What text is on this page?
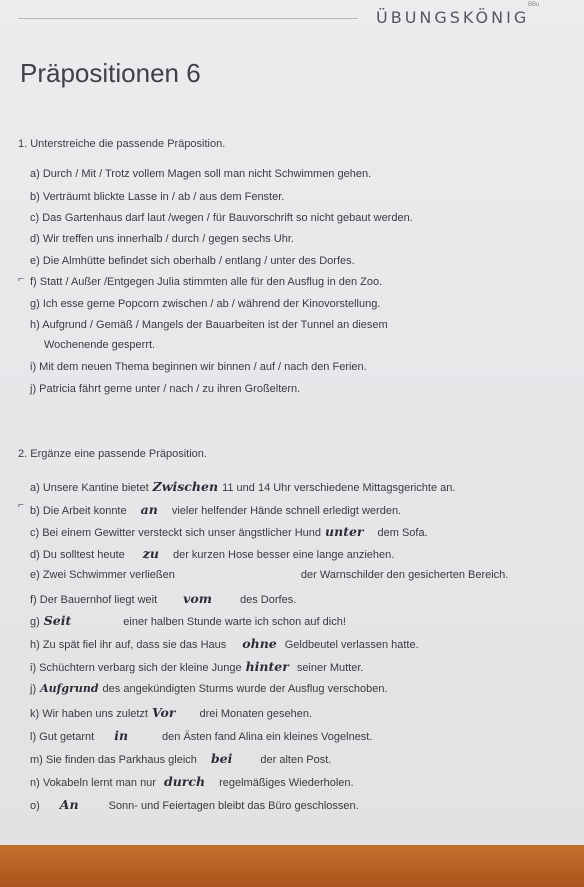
ÜBUNGSKÖNIG
BBu
Präpositionen 6
1. Unterstreiche die passende Präposition.
a) Durch / Mit / Trotz vollem Magen soll man nicht Schwimmen gehen.
b) Verträumt blickte Lasse in / ab / aus dem Fenster.
c) Das Gartenhaus darf laut /wegen / für Bauvorschrift so nicht gebaut werden.
d) Wir treffen uns innerhalb / durch / gegen sechs Uhr.
e) Die Almhütte befindet sich oberhalb / entlang / unter des Dorfes.
⌐ f) Statt / Außer /Entgegen Julia stimmten alle für den Ausflug in den Zoo.
g) Ich esse gerne Popcorn zwischen / ab / während der Kinovorstellung.
h) Aufgrund / Gemäß / Mangels der Bauarbeiten ist der Tunnel an diesem
Wochenende gesperrt.
i) Mit dem neuen Thema beginnen wir binnen / auf / nach den Ferien.
j) Patricia fährt gerne unter / nach / zu ihren Großeltern.
2. Ergänze eine passende Präposition.
a) Unsere Kantine bietet Zwischen 11 und 14 Uhr verschiedene Mittagsgerichte an.
⌐ b) Die Arbeit konnte an vieler helfender Hände schnell erledigt werden.
c) Bei einem Gewitter versteckt sich unser ängstlicher Hund unter dem Sofa.
d) Du solltest heute zu der kurzen Hose besser eine lange anziehen.
e) Zwei Schwimmer verließen	der Warnschilder den gesicherten Bereich.
f) Der Bauernhof liegt weit vom	des Dorfes.
g) Seit	einer halben Stunde warte ich schon auf dich!
h) Zu spät fiel ihr auf, dass sie das Haus ohne Geldbeutel verlassen hatte.
i) Schüchtern verbarg sich der kleine Junge hinter seiner Mutter.
j) Aufgrund des angekündigten Sturms wurde der Ausflug verschoben.
k) Wir haben uns zuletzt Vor drei Monaten gesehen.
l) Gut getarnt in	den Ästen fand Alina ein kleines Vogelnest.
m) Sie finden das Parkhaus gleich bei	der alten Post.
n) Vokabeln lernt man nur durch regelmäßiges Wiederholen.
o) An	Sonn- und Feiertagen bleibt das Büro geschlossen.
